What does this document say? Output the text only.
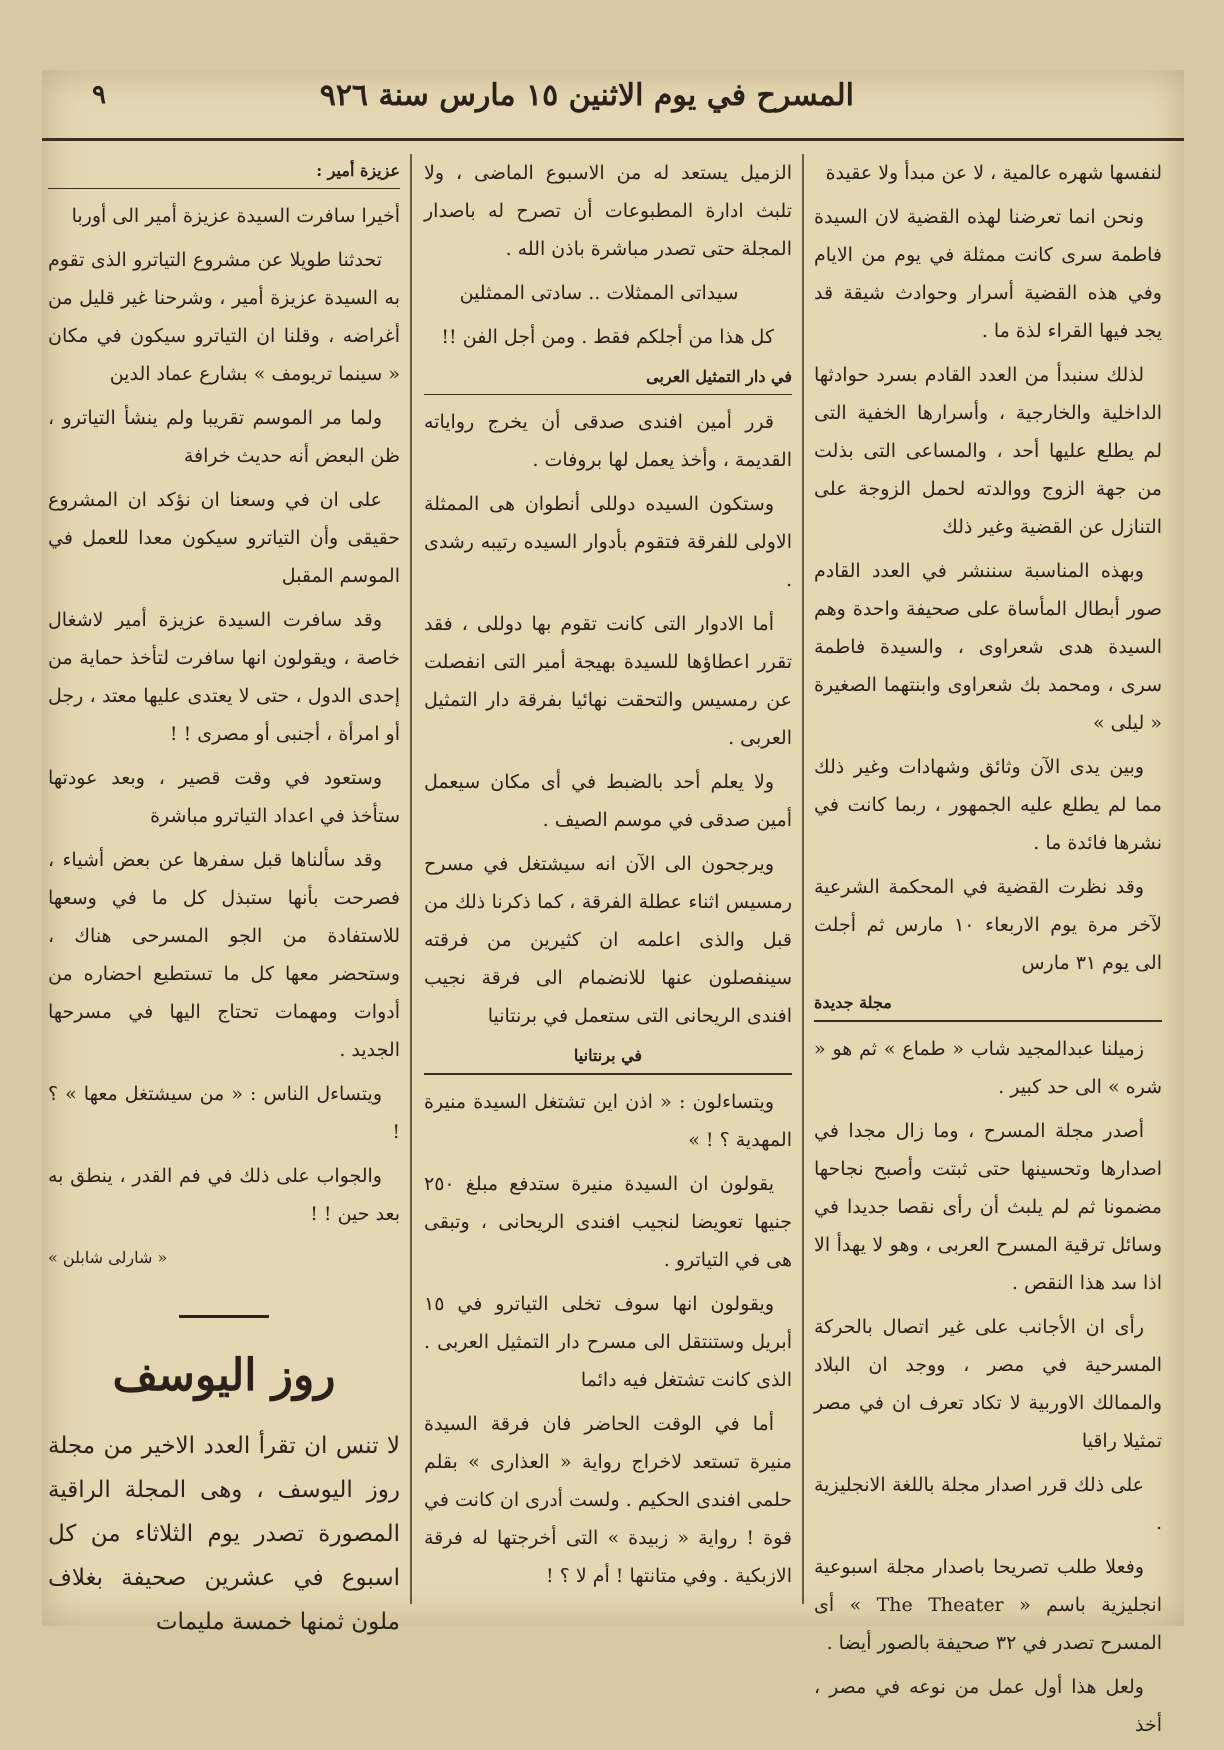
المسرح في يوم الاثنين ١٥ مارس سنة ٩٢٦
٩

لنفسها شهره عالمية ، لا عن مبدأ ولا عقيدة

ونحن انما تعرضنا لهذه القضية لان السيدة فاطمة سرى كانت ممثلة في يوم من الايام وفي هذه القضية أسرار وحوادث شيقة قد يجد فيها القراء لذة ما .

لذلك سنبدأ من العدد القادم بسرد حوادثها الداخلية والخارجية ، وأسرارها الخفية التى لم يطلع عليها أحد ، والمساعى التى بذلت من جهة الزوج ووالدته لحمل الزوجة على التنازل عن القضية وغير ذلك

وبهذه المناسبة سننشر في العدد القادم صور أبطال المأساة على صحيفة واحدة وهم السيدة هدى شعراوى ، والسيدة فاطمة سرى ، ومحمد بك شعراوى وابنتهما الصغيرة « ليلى »

وبين يدى الآن وثائق وشهادات وغير ذلك مما لم يطلع عليه الجمهور ، ربما كانت في نشرها فائدة ما .

وقد نظرت القضية في المحكمة الشرعية لآخر مرة يوم الاربعاء ١٠ مارس ثم أجلت الى يوم ٣١ مارس

مجلة جديدة

زميلنا عبدالمجيد شاب « طماع » ثم هو « شره » الى حد كبير .

أصدر مجلة المسرح ، وما زال مجدا في اصدارها وتحسينها حتى ثبتت وأصبح نجاحها مضمونا ثم لم يلبث أن رأى نقصا جديدا في وسائل ترقية المسرح العربى ، وهو لا يهدأ الا اذا سد هذا النقص .

رأى ان الأجانب على غير اتصال بالحركة المسرحية في مصر ، ووجد ان البلاد والممالك الاوربية لا تكاد تعرف ان في مصر تمثيلا راقيا

على ذلك قرر اصدار مجلة باللغة الانجليزية .

وفعلا طلب تصريحا باصدار مجلة اسبوعية انجليزية باسم « The Theater » أى المسرح تصدر في ٣٢ صحيفة بالصور أيضا .

ولعل هذا أول عمل من نوعه في مصر ، أخذ

الزميل يستعد له من الاسبوع الماضى ، ولا تلبث ادارة المطبوعات أن تصرح له باصدار المجلة حتى تصدر مباشرة باذن الله .

سيداتى الممثلات .. سادتى الممثلين

كل هذا من أجلكم فقط . ومن أجل الفن !!

في دار التمثيل العربى

قرر أمين افندى صدقى أن يخرج رواياته القديمة ، وأخذ يعمل لها بروفات .

وستكون السيده دوللى أنطوان هى الممثلة الاولى للفرقة فتقوم بأدوار السيده رتيبه رشدى .

أما الادوار التى كانت تقوم بها دوللى ، فقد تقرر اعطاؤها للسيدة بهيجة أمير التى انفصلت عن رمسيس والتحقت نهائيا بفرقة دار التمثيل العربى .

ولا يعلم أحد بالضبط في أى مكان سيعمل أمين صدقى في موسم الصيف .

ويرجحون الى الآن انه سيشتغل في مسرح رمسيس اثناء عطلة الفرقة ، كما ذكرنا ذلك من قبل والذى اعلمه ان كثيرين من فرقته سينفصلون عنها للانضمام الى فرقة نجيب افندى الريحانى التى ستعمل في برنتانيا

في برنتانيا

ويتساءلون : « اذن اين تشتغل السيدة منيرة المهدية ؟ ! »

يقولون ان السيدة منيرة ستدفع مبلغ ٢٥٠ جنيها تعويضا لنجيب افندى الريحانى ، وتبقى هى في التياترو .

ويقولون انها سوف تخلى التياترو في ١٥ أبريل وستنتقل الى مسرح دار التمثيل العربى . الذى كانت تشتغل فيه دائما

أما في الوقت الحاضر فان فرقة السيدة منيرة تستعد لاخراج رواية « العذارى » بقلم حلمى افندى الحكيم . ولست أدرى ان كانت في قوة ! رواية « زبيدة » التى أخرجتها له فرقة الازبكية . وفي متانتها ! أم لا ؟ !

عزيزة أمير :

أخيرا سافرت السيدة عزيزة أمير الى أوربا

تحدثنا طويلا عن مشروع التياترو الذى تقوم به السيدة عزيزة أمير ، وشرحنا غير قليل من أغراضه ، وقلنا ان التياترو سيكون في مكان « سينما تريومف » بشارع عماد الدين

ولما مر الموسم تقريبا ولم ينشأ التياترو ، ظن البعض أنه حديث خرافة

على ان في وسعنا ان نؤكد ان المشروع حقيقى وأن التياترو سيكون معدا للعمل في الموسم المقبل

وقد سافرت السيدة عزيزة أمير لاشغال خاصة ، ويقولون انها سافرت لتأخذ حماية من إحدى الدول ، حتى لا يعتدى عليها معتد ، رجل أو امرأة ، أجنبى أو مصرى ! !

وستعود في وقت قصير ، وبعد عودتها ستأخذ في اعداد التياترو مباشرة

وقد سألناها قبل سفرها عن بعض أشياء ، فصرحت بأنها ستبذل كل ما في وسعها للاستفادة من الجو المسرحى هناك ، وستحضر معها كل ما تستطيع احضاره من أدوات ومهمات تحتاج اليها في مسرحها الجديد .

ويتساءل الناس : « من سيشتغل معها » ؟ !

والجواب على ذلك في فم القدر ، ينطق به بعد حين ! !

« شارلى شابلن »
روز اليوسف
لا تنس ان تقرأ العدد الاخير من مجلة روز اليوسف ، وهى المجلة الراقية المصورة تصدر يوم الثلاثاء من كل اسبوع في عشرين صحيفة بغلاف ملون ثمنها خمسة مليمات
